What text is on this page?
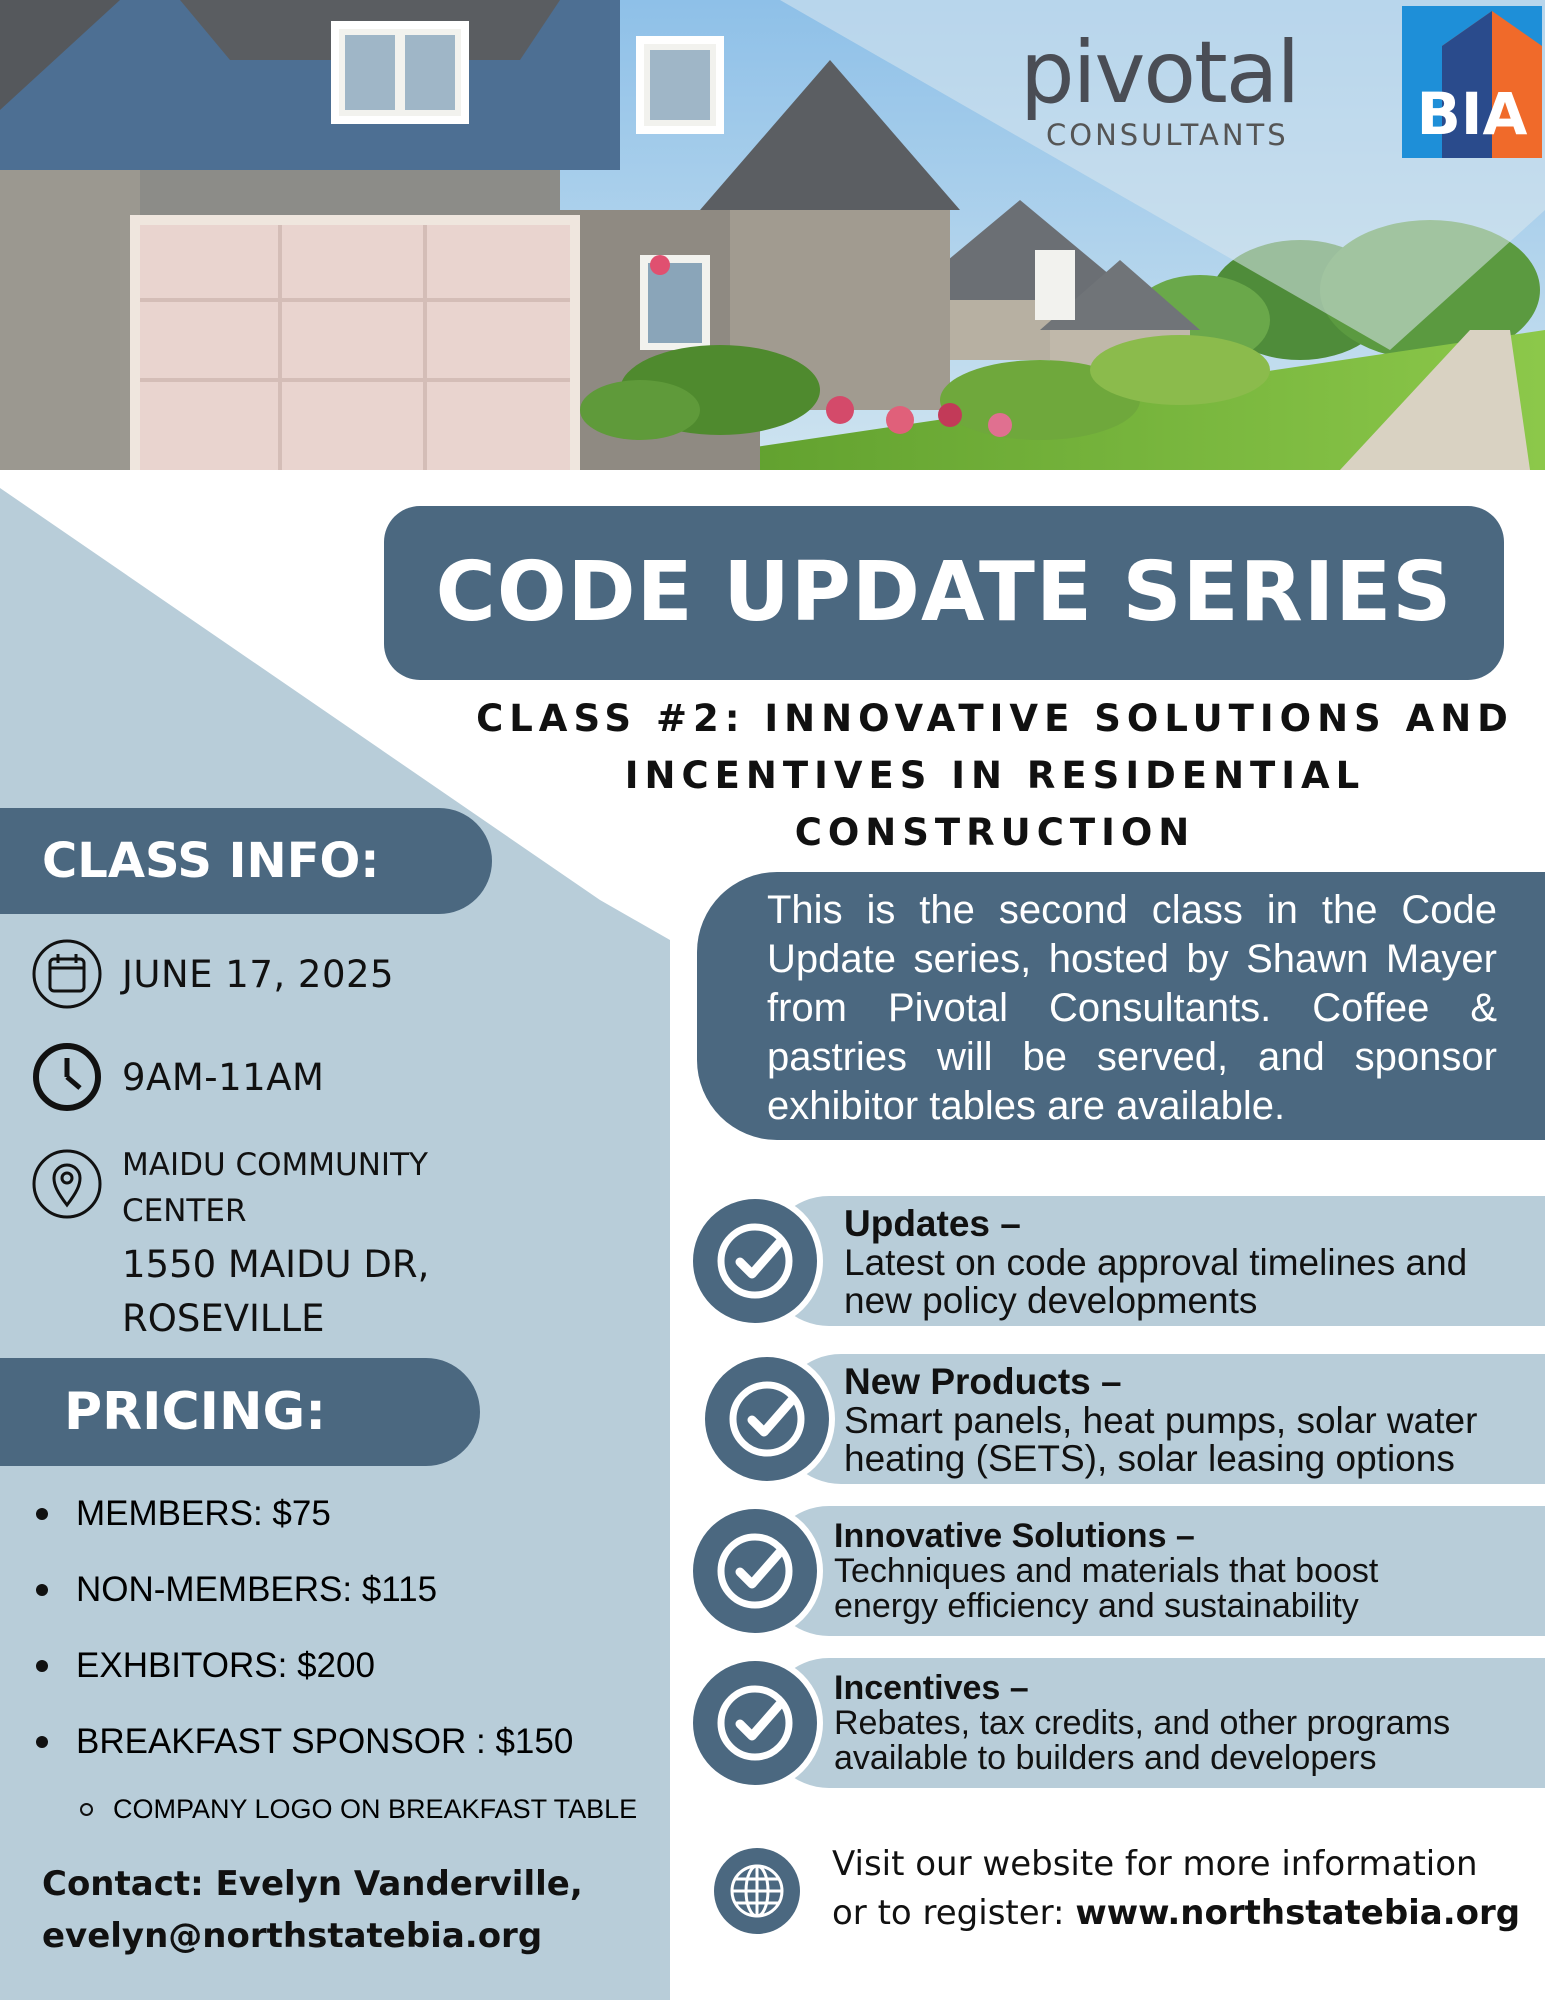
pivotal
CONSULTANTS BIA
CLASS INFO:
JUNE 17, 2025
9AM-11AM
MAIDU COMMUNITY
CENTER
1550 MAIDU DR,
ROSEVILLE
PRICING:
MEMBERS: $75
NON-MEMBERS: $115
EXHBITORS: $200
BREAKFAST SPONSOR : $150
COMPANY LOGO ON BREAKFAST TABLE
Contact: Evelyn Vanderville,
evelyn@northstatebia.org
CODE UPDATE SERIES
CLASS #2: INNOVATIVE SOLUTIONS AND
INCENTIVES IN RESIDENTIAL
CONSTRUCTION
This is the second class in the Code Update series, hosted by Shawn Mayer from Pivotal Consultants. Coffee & pastries will be served, and sponsor exhibitor tables are available.
Updates –
Latest on code approval timelines and
new policy developments
New Products –
Smart panels, heat pumps, solar water
heating (SETS), solar leasing options
Innovative Solutions –
Techniques and materials that boost
energy efficiency and sustainability
Incentives –
Rebates, tax credits, and other programs
available to builders and developers
Visit our website for more information
or to register: www.northstatebia.org
